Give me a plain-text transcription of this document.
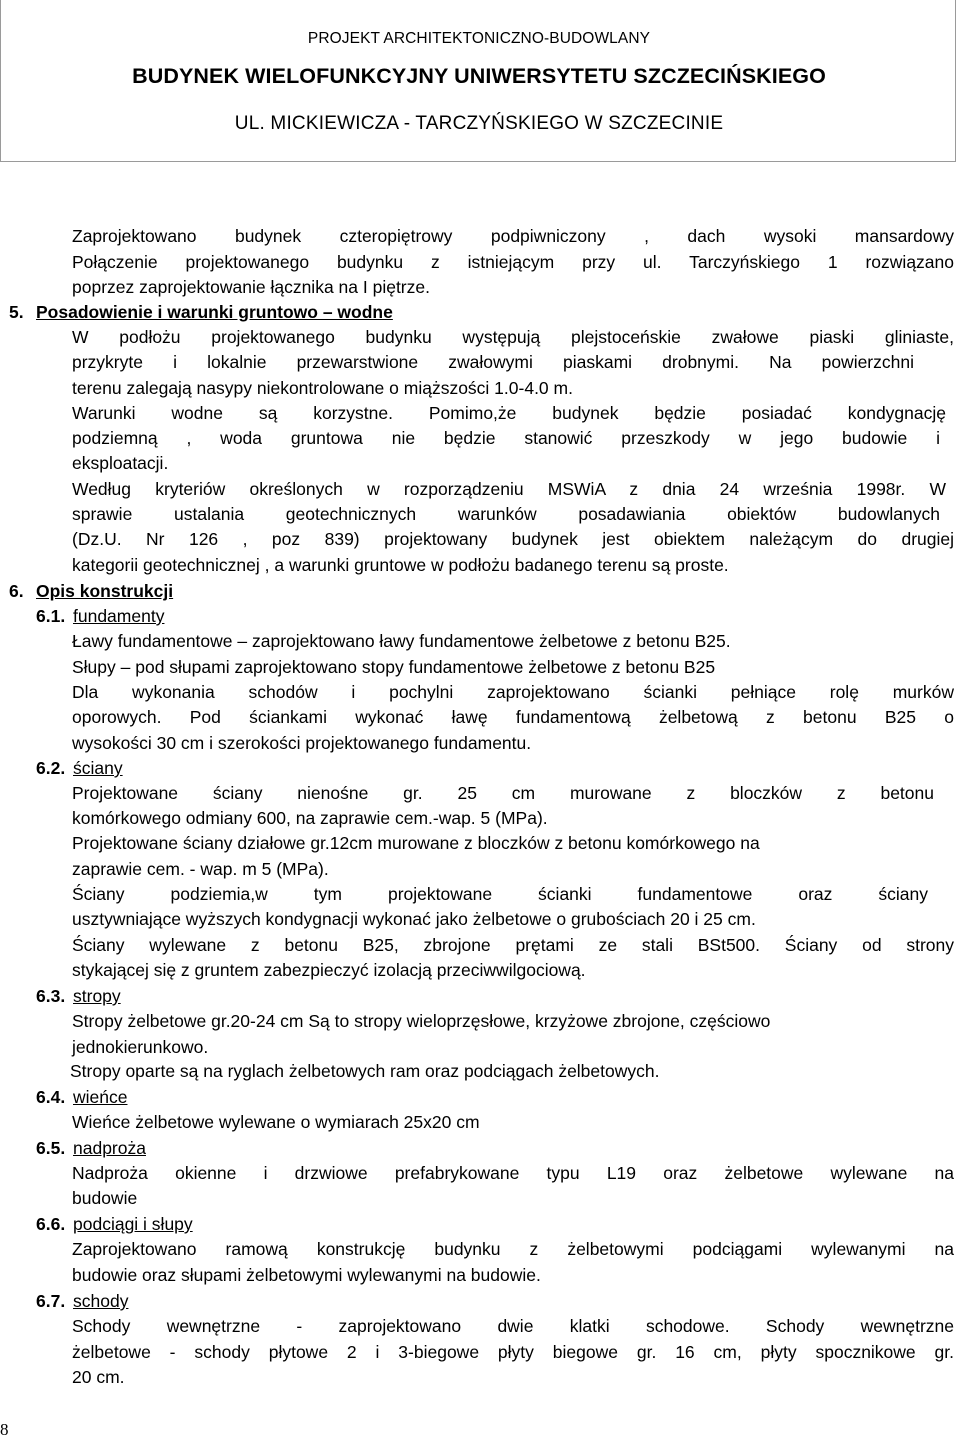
PROJEKT ARCHITEKTONICZNO-BUDOWLANY
BUDYNEK WIELOFUNKCYJNY UNIWERSYTETU SZCZECIŃSKIEGO
UL. MICKIEWICZA - TARCZYŃSKIEGO W SZCZECINIE
Zaprojektowano budynek czteropiętrowy podpiwniczony , dach wysoki mansardowy
Połączenie projektowanego budynku z istniejącym przy ul. Tarczyńskiego 1 rozwiązano
poprzez zaprojektowanie łącznika na I piętrze.
5. Posadowienie i warunki gruntowo – wodne
W podłożu projektowanego budynku występują plejstoceńskie zwałowe piaski gliniaste,
przykryte i lokalnie przewarstwione zwałowymi piaskami drobnymi. Na powierzchni
terenu zalegają nasypy niekontrolowane o miąższości 1.0-4.0 m.
Warunki wodne są korzystne. Pomimo,że budynek będzie posiadać kondygnację
podziemną , woda gruntowa nie będzie stanowić przeszkody w jego budowie i
eksploatacji.
Według kryteriów określonych w rozporządzeniu MSWiA z dnia 24 września 1998r. W
sprawie ustalania geotechnicznych warunków posadawiania obiektów budowlanych
(Dz.U. Nr 126 , poz 839) projektowany budynek jest obiektem należącym do drugiej
kategorii geotechnicznej , a warunki gruntowe w podłożu badanego terenu są proste.
6. Opis konstrukcji
6.1. fundamenty
Ławy fundamentowe – zaprojektowano ławy fundamentowe żelbetowe z betonu B25.
Słupy – pod słupami zaprojektowano stopy fundamentowe żelbetowe z betonu B25
Dla wykonania schodów i pochylni zaprojektowano ścianki pełniące rolę murków
oporowych. Pod ściankami wykonać ławę fundamentową żelbetową z betonu B25 o
wysokości 30 cm i szerokości projektowanego fundamentu.
6.2. ściany
Projektowane ściany nienośne gr. 25 cm murowane z bloczków z betonu
komórkowego odmiany 600, na zaprawie cem.-wap. 5 (MPa).
Projektowane ściany działowe gr.12cm murowane z bloczków z betonu komórkowego na
zaprawie cem. - wap. m 5 (MPa).
Ściany podziemia,w tym projektowane ścianki fundamentowe oraz ściany
usztywniające wyższych kondygnacji wykonać jako żelbetowe o grubościach 20 i 25 cm.
Ściany wylewane z betonu B25, zbrojone prętami ze stali BSt500. Ściany od strony
stykającej się z gruntem zabezpieczyć izolacją przeciwwilgociową.
6.3. stropy
Stropy żelbetowe gr.20-24 cm Są to stropy wieloprzęsłowe, krzyżowe zbrojone, częściowo
jednokierunkowo.
Stropy oparte są na ryglach żelbetowych ram oraz podciągach żelbetowych.
6.4. wieńce
Wieńce żelbetowe wylewane o wymiarach 25x20 cm
6.5. nadproża
Nadproża okienne i drzwiowe prefabrykowane typu L19 oraz żelbetowe wylewane na
budowie
6.6. podciągi i słupy
Zaprojektowano ramową konstrukcję budynku z żelbetowymi podciągami wylewanymi na
budowie oraz słupami żelbetowymi wylewanymi na budowie.
6.7. schody
Schody wewnętrzne - zaprojektowano dwie klatki schodowe. Schody wewnętrzne
żelbetowe - schody płytowe 2 i 3-biegowe płyty biegowe gr. 16 cm, płyty spocznikowe gr.
20 cm.
8
